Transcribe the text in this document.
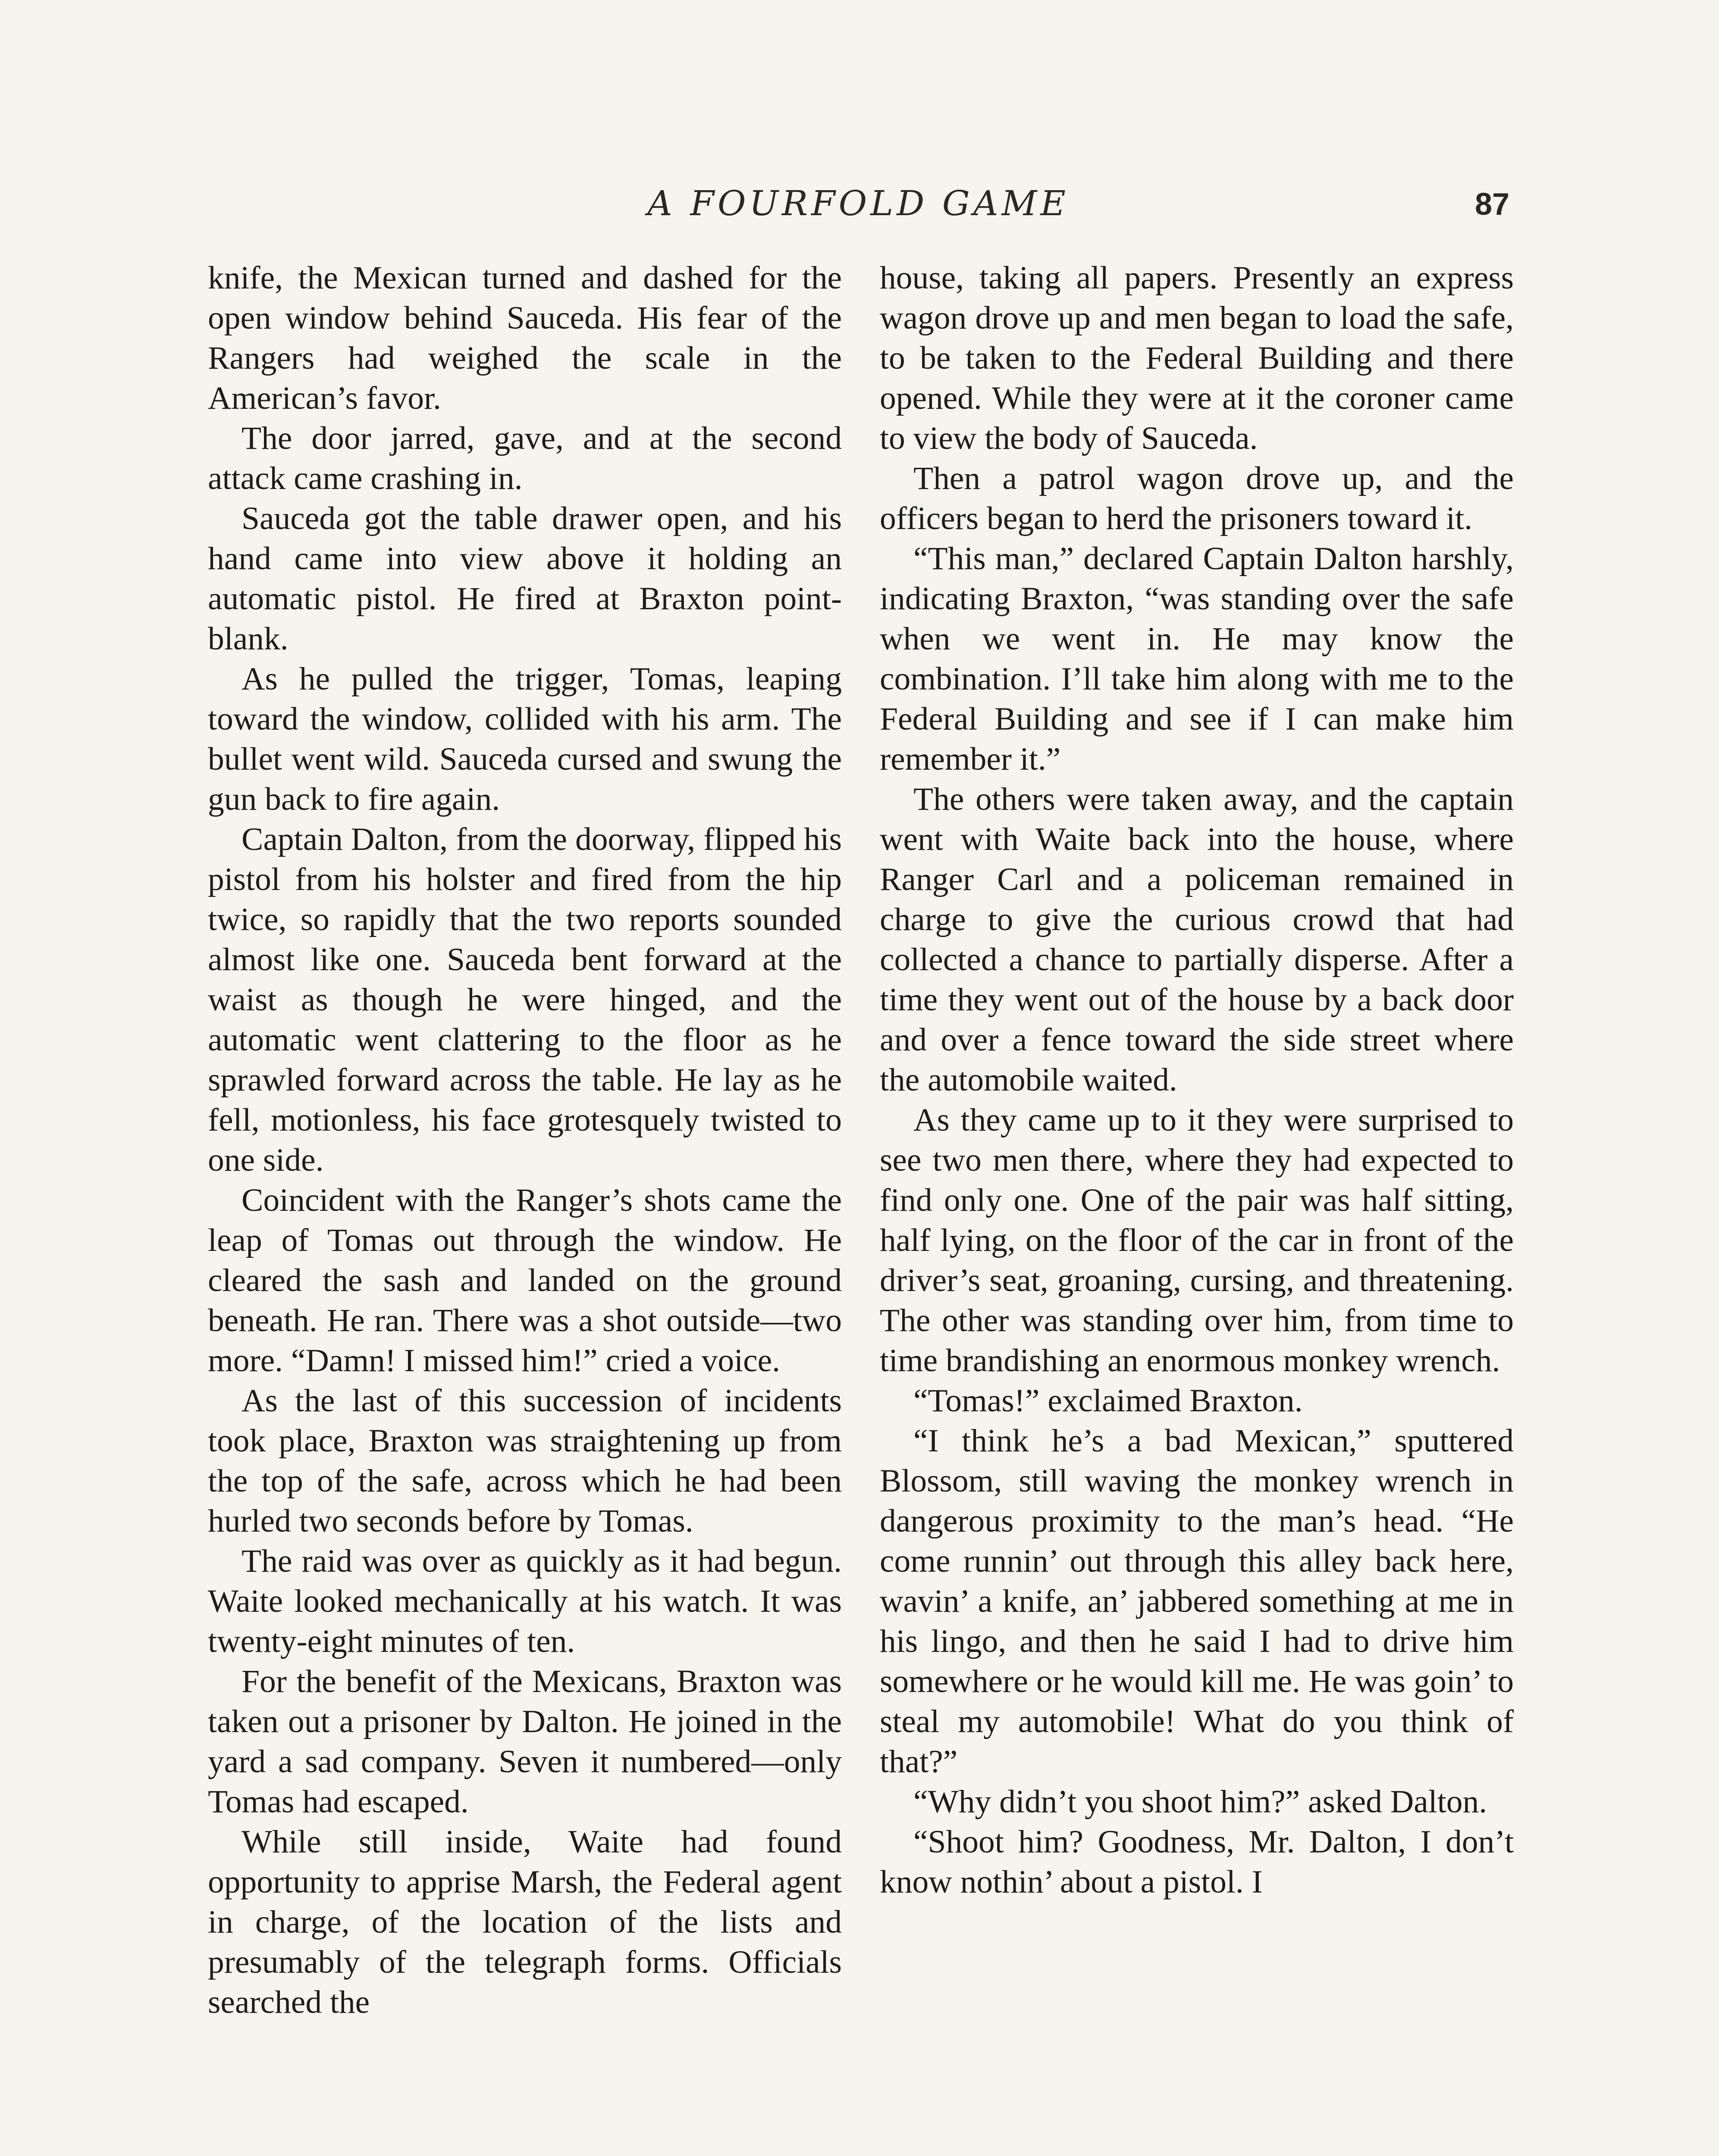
A FOURFOLD GAME	87

knife, the Mexican turned and dashed for the open window behind Sauceda. His fear of the Rangers had weighed the scale in the American’s favor.

The door jarred, gave, and at the second attack came crashing in.

Sauceda got the table drawer open, and his hand came into view above it holding an automatic pistol. He fired at Braxton point-blank.

As he pulled the trigger, Tomas, leaping toward the window, collided with his arm. The bullet went wild. Sauceda cursed and swung the gun back to fire again.

Captain Dalton, from the doorway, flipped his pistol from his holster and fired from the hip twice, so rapidly that the two reports sounded almost like one. Sauceda bent forward at the waist as though he were hinged, and the automatic went clattering to the floor as he sprawled forward across the table. He lay as he fell, motionless, his face grotesquely twisted to one side.

Coincident with the Ranger’s shots came the leap of Tomas out through the window. He cleared the sash and landed on the ground beneath. He ran. There was a shot outside—two more. “Damn! I missed him!” cried a voice.

As the last of this succession of incidents took place, Braxton was straightening up from the top of the safe, across which he had been hurled two seconds before by Tomas.

The raid was over as quickly as it had begun. Waite looked mechanically at his watch. It was twenty-eight minutes of ten.

For the benefit of the Mexicans, Braxton was taken out a prisoner by Dalton. He joined in the yard a sad company. Seven it numbered—only Tomas had escaped.

While still inside, Waite had found opportunity to apprise Marsh, the Federal agent in charge, of the location of the lists and presumably of the telegraph forms. Officials searched the

house, taking all papers. Presently an express wagon drove up and men began to load the safe, to be taken to the Federal Building and there opened. While they were at it the coroner came to view the body of Sauceda.

Then a patrol wagon drove up, and the officers began to herd the prisoners toward it.

“This man,” declared Captain Dalton harshly, indicating Braxton, “was standing over the safe when we went in. He may know the combination. I’ll take him along with me to the Federal Building and see if I can make him remember it.”

The others were taken away, and the captain went with Waite back into the house, where Ranger Carl and a policeman remained in charge to give the curious crowd that had collected a chance to partially disperse. After a time they went out of the house by a back door and over a fence toward the side street where the automobile waited.

As they came up to it they were surprised to see two men there, where they had expected to find only one. One of the pair was half sitting, half lying, on the floor of the car in front of the driver’s seat, groaning, cursing, and threatening. The other was standing over him, from time to time brandishing an enormous monkey wrench.

“Tomas!” exclaimed Braxton.

“I think he’s a bad Mexican,” sputtered Blossom, still waving the monkey wrench in dangerous proximity to the man’s head. “He come runnin’ out through this alley back here, wavin’ a knife, an’ jabbered something at me in his lingo, and then he said I had to drive him somewhere or he would kill me. He was goin’ to steal my automobile! What do you think of that?”

“Why didn’t you shoot him?” asked Dalton.

“Shoot him? Goodness, Mr. Dalton, I don’t know nothin’ about a pistol. I
